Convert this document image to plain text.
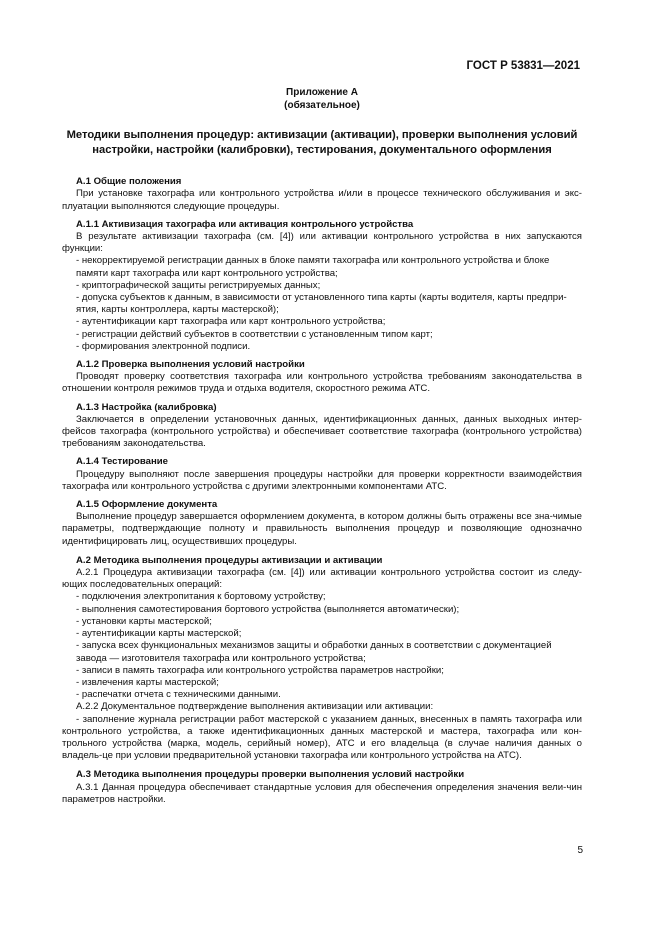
ГОСТ Р 53831—2021
Приложение А
(обязательное)
Методики выполнения процедур: активизации (активации), проверки выполнения условий настройки, настройки (калибровки), тестирования, документального оформления
А.1 Общие положения
При установке тахографа или контрольного устройства и/или в процессе технического обслуживания и экс-плуатации выполняются следующие процедуры.
А.1.1 Активизация тахографа или активация контрольного устройства
В результате активизации тахографа (см. [4]) или активации контрольного устройства в них запускаются функции:
- некорректируемой регистрации данных в блоке памяти тахографа или контрольного устройства и блоке памяти карт тахографа или карт контрольного устройства;
- криптографической защиты регистрируемых данных;
- допуска субъектов к данным, в зависимости от установленного типа карты (карты водителя, карты предпри-ятия, карты контроллера, карты мастерской);
- аутентификации карт тахографа или карт контрольного устройства;
- регистрации действий субъектов в соответствии с установленным типом карт;
- формирования электронной подписи.
А.1.2 Проверка выполнения условий настройки
Проводят проверку соответствия тахографа или контрольного устройства требованиям законодательства в отношении контроля режимов труда и отдыха водителя, скоростного режима АТС.
А.1.3 Настройка (калибровка)
Заключается в определении установочных данных, идентификационных данных, данных выходных интер-фейсов тахографа (контрольного устройства) и обеспечивает соответствие тахографа (контрольного устройства) требованиям законодательства.
А.1.4 Тестирование
Процедуру выполняют после завершения процедуры настройки для проверки корректности взаимодействия тахографа или контрольного устройства с другими электронными компонентами АТС.
А.1.5 Оформление документа
Выполнение процедур завершается оформлением документа, в котором должны быть отражены все зна-чимые параметры, подтверждающие полноту и правильность выполнения процедур и позволяющие однозначно идентифицировать лиц, осуществивших процедуры.
А.2 Методика выполнения процедуры активизации и активации
А.2.1 Процедура активизации тахографа (см. [4]) или активации контрольного устройства состоит из следу-ющих последовательных операций:
- подключения электропитания к бортовому устройству;
- выполнения самотестирования бортового устройства (выполняется автоматически);
- установки карты мастерской;
- аутентификации карты мастерской;
- запуска всех функциональных механизмов защиты и обработки данных в соответствии с документацией завода — изготовителя тахографа или контрольного устройства;
- записи в память тахографа или контрольного устройства параметров настройки;
- извлечения карты мастерской;
- распечатки отчета с техническими данными.
А.2.2 Документальное подтверждение выполнения активизации или активации:
- заполнение журнала регистрации работ мастерской с указанием данных, внесенных в память тахографа или контрольного устройства, а также идентификационных данных мастерской и мастера, тахографа или кон-трольного устройства (марка, модель, серийный номер), АТС и его владельца (в случае наличия данных о владель-це при условии предварительной установки тахографа или контрольного устройства на АТС).
А.3 Методика выполнения процедуры проверки выполнения условий настройки
А.3.1 Данная процедура обеспечивает стандартные условия для обеспечения определения значения вели-чин параметров настройки.
5
